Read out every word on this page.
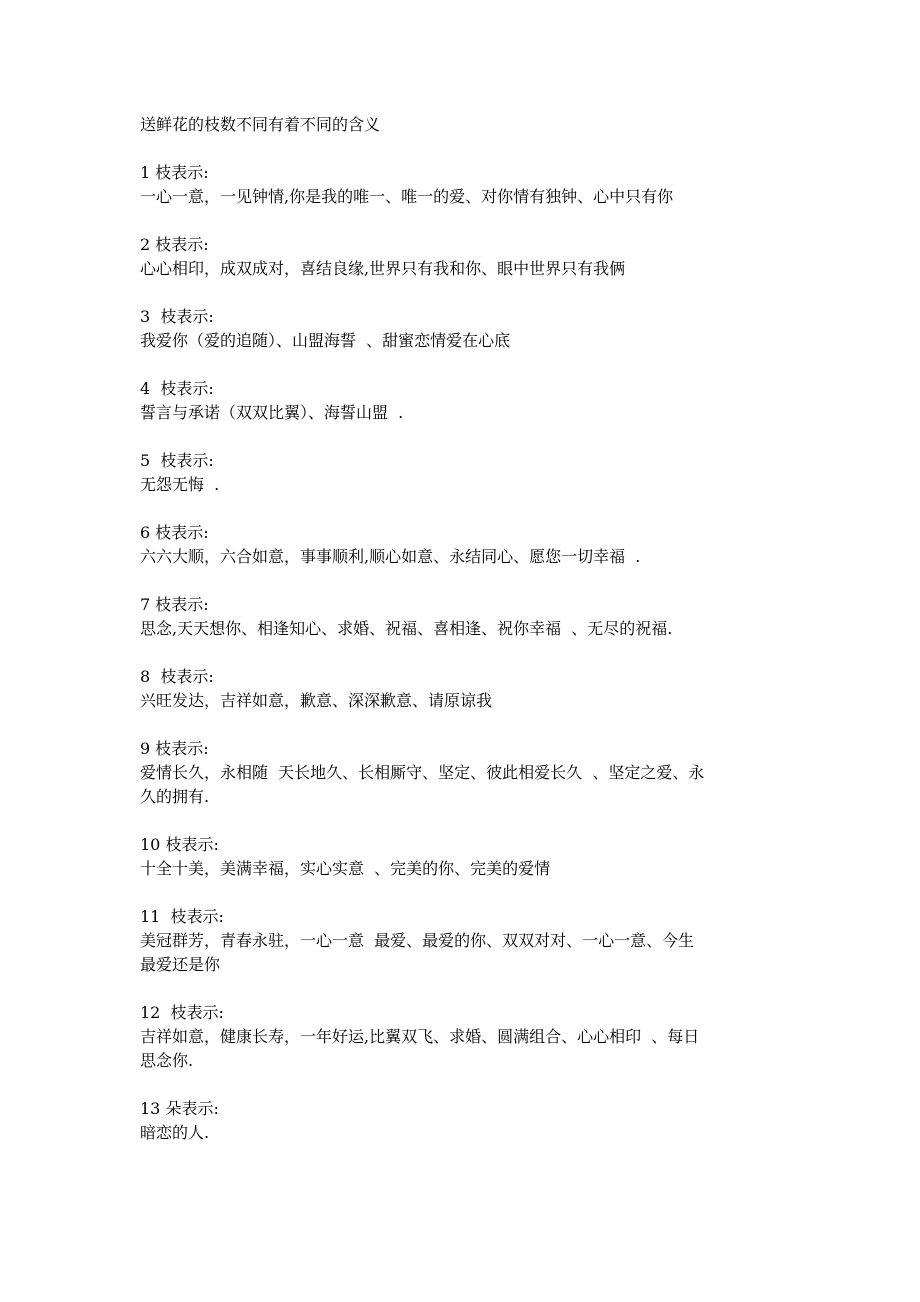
送鲜花的枝数不同有着不同的含义
1 枝表示:
一心一意，一见钟情,你是我的唯一、唯一的爱、对你情有独钟、心中只有你
2 枝表示:
心心相印，成双成对，喜结良缘,世界只有我和你、眼中世界只有我俩
3  枝表示:
我爱你（爱的追随）、山盟海誓  、甜蜜恋情爱在心底
4  枝表示:
誓言与承诺（双双比翼）、海誓山盟  .
5  枝表示:
无怨无悔  .
6 枝表示:
六六大顺，六合如意，事事顺利,顺心如意、永结同心、愿您一切幸福  .
7 枝表示:
思念,天天想你、相逢知心、求婚、祝福、喜相逢、祝你幸福  、无尽的祝福.
8  枝表示:
兴旺发达，吉祥如意，歉意、深深歉意、请原谅我
9 枝表示:
爱情长久，永相随  天长地久、长相厮守、坚定、彼此相爱长久  、坚定之爱、永
久的拥有.
10 枝表示:
十全十美，美满幸福，实心实意  、完美的你、完美的爱情
11  枝表示:
美冠群芳，青春永驻，一心一意  最爱、最爱的你、双双对对、一心一意、今生
最爱还是你
12  枝表示:
吉祥如意，健康长寿，一年好运,比翼双飞、求婚、圆满组合、心心相印  、每日
思念你.
13 朵表示:
暗恋的人.
